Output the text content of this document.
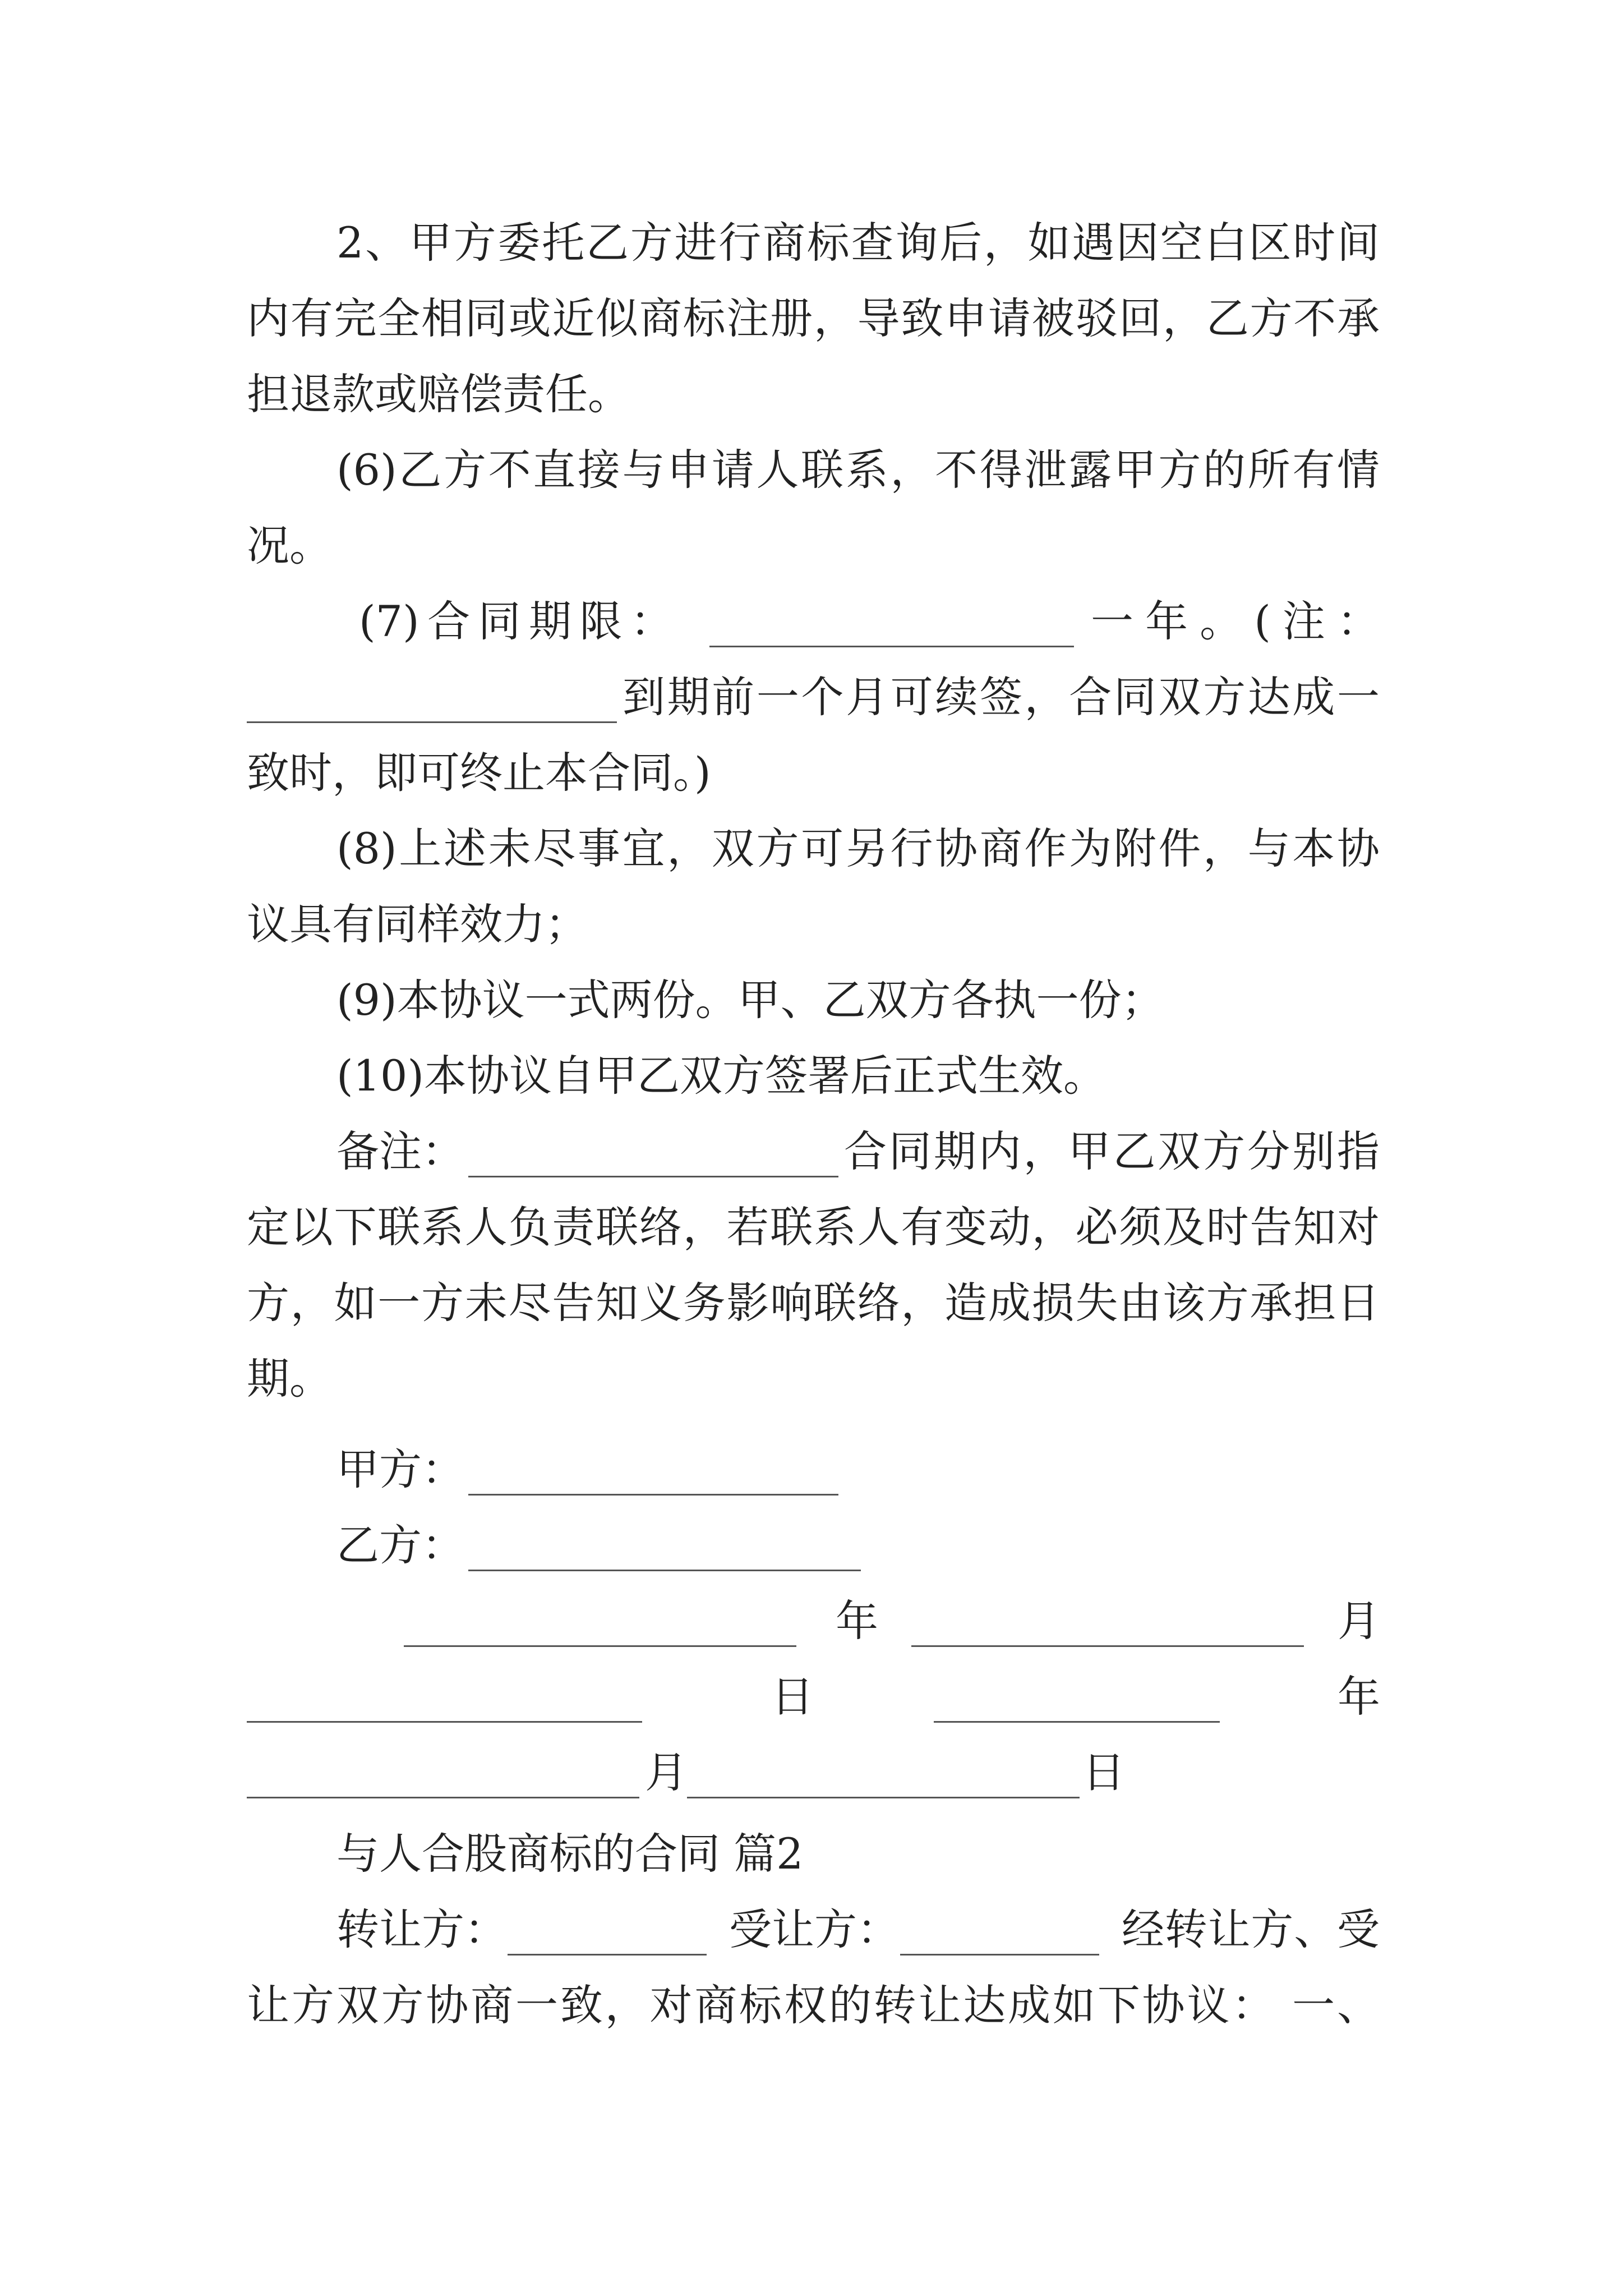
2、甲方委托乙方进行商标查询后，如遇因空白区时间
内有完全相同或近似商标注册，导致申请被驳回，乙方不承
担退款或赔偿责任。
(6)乙方不直接与申请人联系，不得泄露甲方的所有情
况。
(7)合同期限：	一年。(注：
到期前一个月可续签，合同双方达成一
致时，即可终止本合同。)
(8)上述未尽事宜，双方可另行协商作为附件，与本协
议具有同样效力；
(9)本协议一式两份。甲、乙双方各执一份；
(10)本协议自甲乙双方签署后正式生效。
备注：	合同期内，甲乙双方分别指
定以下联系人负责联络，若联系人有变动，必须及时告知对
方，如一方未尽告知义务影响联络，造成损失由该方承担日
期。
甲方：
乙方：
年	月
日	年
月	日
与人合股商标的合同 篇2
转让方：	受让方：	经转让方、受
让方双方协商一致，对商标权的转让达成如下协议： 一、
